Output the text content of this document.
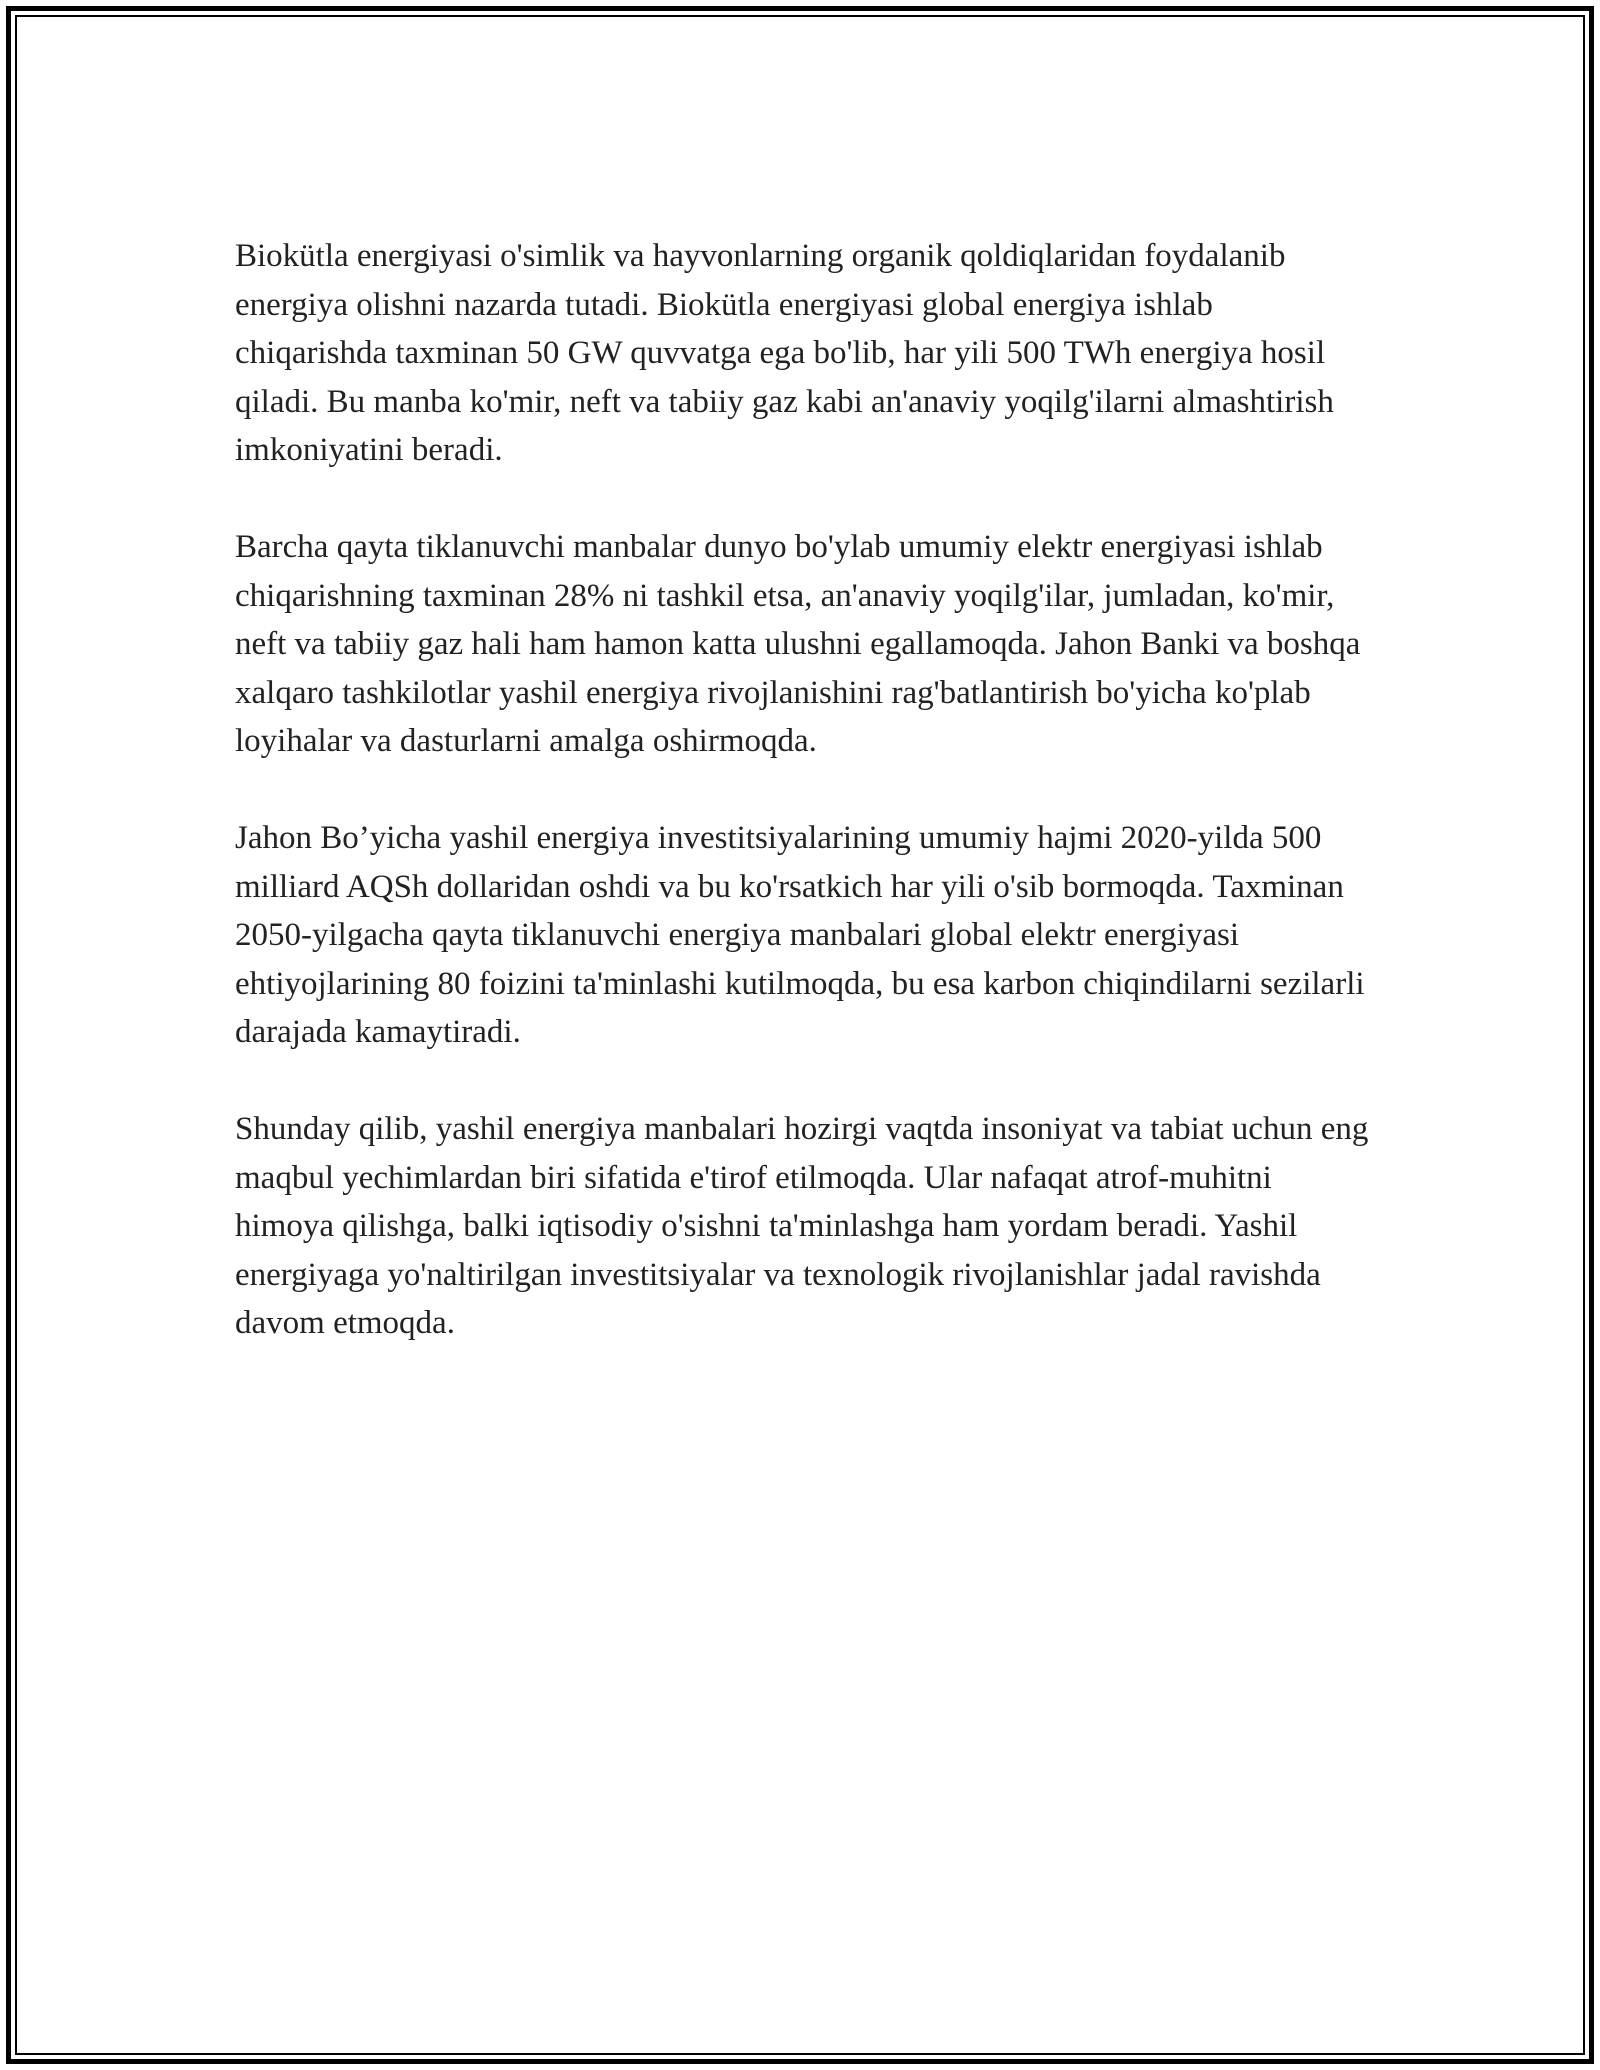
Biokütla energiyasi o'simlik va hayvonlarning organik qoldiqlaridan foydalanib energiya olishni nazarda tutadi. Biokütla energiyasi global energiya ishlab chiqarishda taxminan 50 GW quvvatga ega bo'lib, har yili 500 TWh energiya hosil qiladi. Bu manba ko'mir, neft va tabiiy gaz kabi an'anaviy yoqilg'ilarni almashtirish imkoniyatini beradi.

Barcha qayta tiklanuvchi manbalar dunyo bo'ylab umumiy elektr energiyasi ishlab chiqarishning taxminan 28% ni tashkil etsa, an'anaviy yoqilg'ilar, jumladan, ko'mir, neft va tabiiy gaz hali ham hamon katta ulushni egallamoqda. Jahon Banki va boshqa xalqaro tashkilotlar yashil energiya rivojlanishini rag'batlantirish bo'yicha ko'plab loyihalar va dasturlarni amalga oshirmoqda.

Jahon Bo’yicha yashil energiya investitsiyalarining umumiy hajmi 2020-yilda 500 milliard AQSh dollaridan oshdi va bu ko'rsatkich har yili o'sib bormoqda. Taxminan 2050-yilgacha qayta tiklanuvchi energiya manbalari global elektr energiyasi ehtiyojlarining 80 foizini ta'minlashi kutilmoqda, bu esa karbon chiqindilarni sezilarli darajada kamaytiradi.

Shunday qilib, yashil energiya manbalari hozirgi vaqtda insoniyat va tabiat uchun eng maqbul yechimlardan biri sifatida e'tirof etilmoqda. Ular nafaqat atrof-muhitni himoya qilishga, balki iqtisodiy o'sishni ta'minlashga ham yordam beradi. Yashil energiyaga yo'naltirilgan investitsiyalar va texnologik rivojlanishlar jadal ravishda davom etmoqda.
